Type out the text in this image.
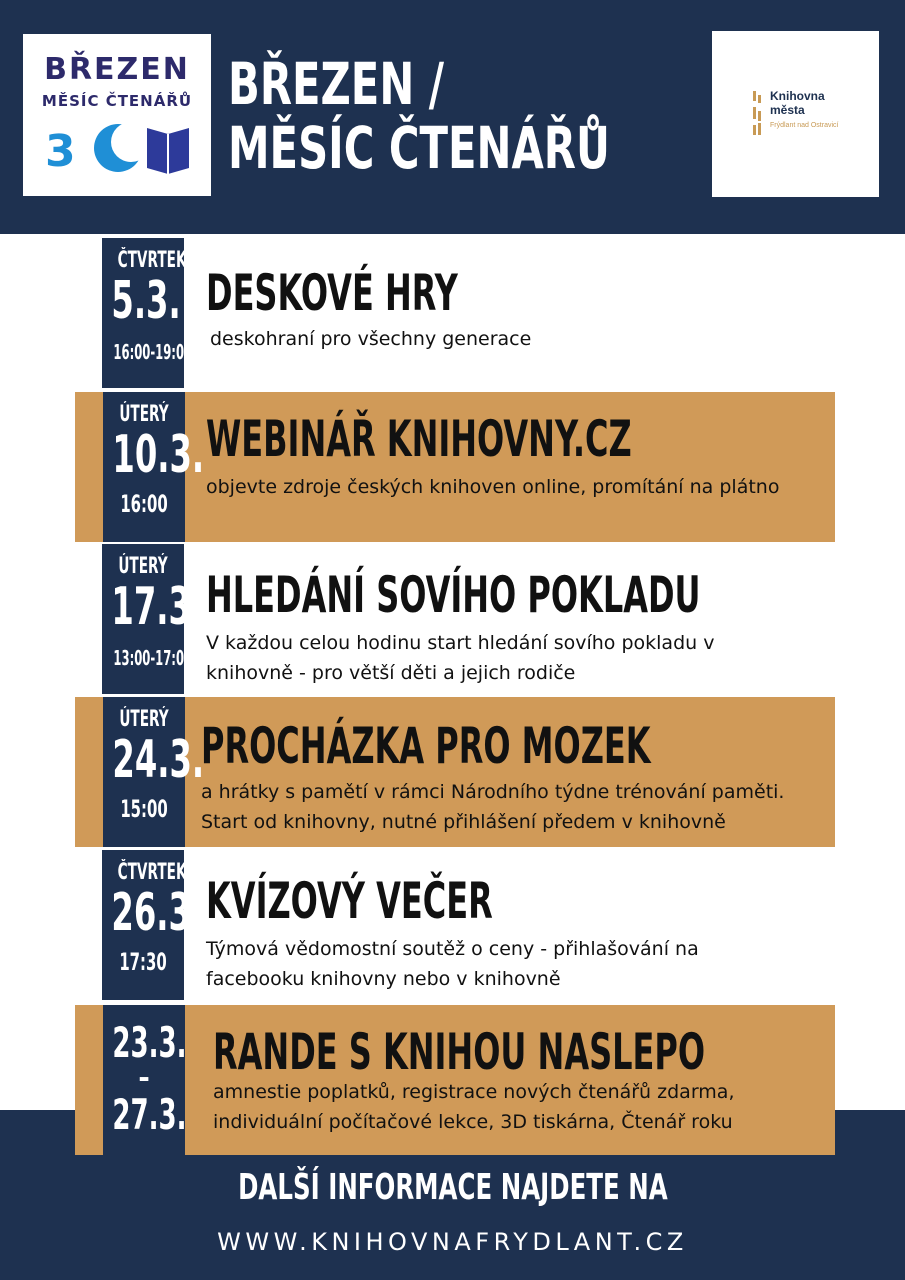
BŘEZEN
MĚSÍC ČTENÁŘŮ
3
BŘEZEN /
MĚSÍC ČTENÁŘŮ
Knihovna
města
Frýdlant nad Ostravicí
ČTVRTEK
5.3.
16:00-19:00
DESKOVÉ HRY
deskohraní pro všechny generace
ÚTERÝ
10.3.
16:00
WEBINÁŘ KNIHOVNY.CZ
objevte zdroje českých knihoven online, promítání na plátno
ÚTERÝ
17.3.
13:00-17:00
HLEDÁNÍ SOVÍHO POKLADU
V každou celou hodinu start hledání sovího pokladu v knihovně - pro větší děti a jejich rodiče
ÚTERÝ
24.3.
15:00
PROCHÁZKA PRO MOZEK
a hrátky s pamětí v rámci Národního týdne trénování paměti. Start od knihovny, nutné přihlášení předem v knihovně
ČTVRTEK
26.3.
17:30
KVÍZOVÝ VEČER
Týmová vědomostní soutěž o ceny - přihlašování na facebooku knihovny nebo v knihovně
23.3.
-
27.3.
RANDE S KNIHOU NASLEPO
amnestie poplatků, registrace nových čtenářů zdarma, individuální počítačové lekce, 3D tiskárna, Čtenář roku
DALŠÍ INFORMACE NAJDETE NA
WWW.KNIHOVNAFRYDLANT.CZ
